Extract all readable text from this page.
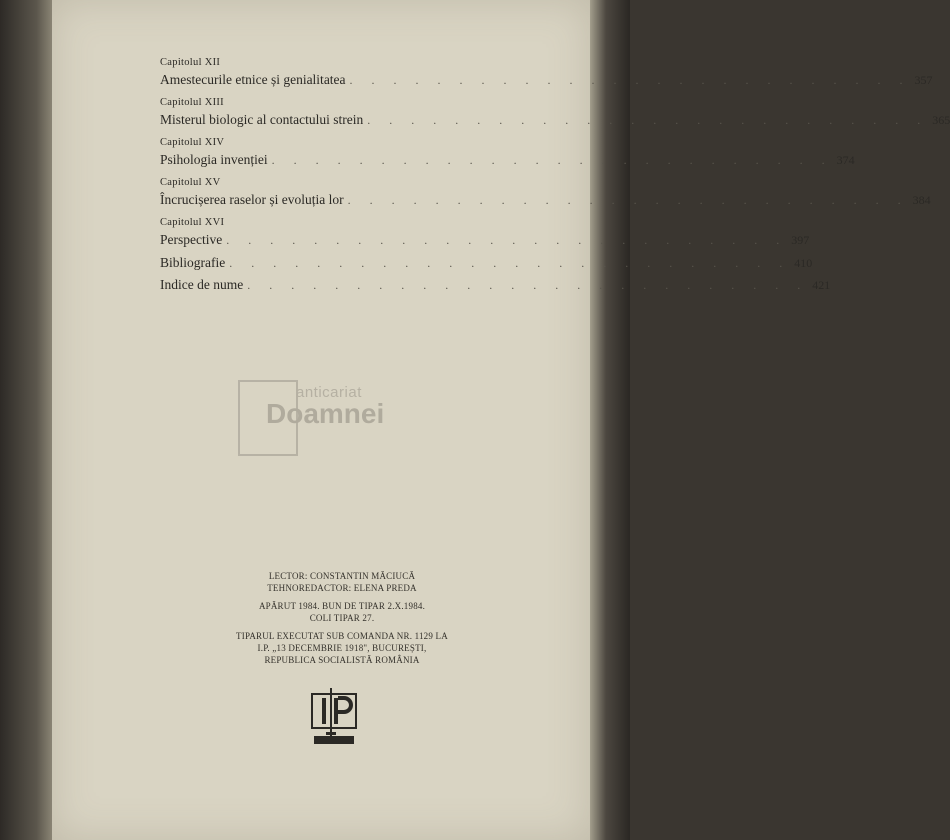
Capitolul XII
Amestecurile etnice și genialitatea . . . . . . . . . . . . . . . . . . . . . . . . . . 357
Capitolul XIII
Misterul biologic al contactului strein . . . . . . . . . . . . . . . . . . . . . . . . . . 365
Capitolul XIV
Psihologia invenției . . . . . . . . . . . . . . . . . . . . . . . . . . 374
Capitolul XV
Încrucișerea raselor și evoluția lor . . . . . . . . . . . . . . . . . . . . . . . . . . 384
Capitolul XVI
Perspective . . . . . . . . . . . . . . . . . . . . . . . . . . 397
Bibliografie . . . . . . . . . . . . . . . . . . . . . . . . . . 410
Indice de nume . . . . . . . . . . . . . . . . . . . . . . . . . . 421
anticariat
Doamnei
LECTOR: CONSTANTIN MĂCIUCĂ
TEHNOREDACTOR: ELENA PREDA
APĂRUT 1984. BUN DE TIPAR 2.X.1984.
COLI TIPAR 27.
TIPARUL EXECUTAT SUB COMANDA NR. 1129 LA
I.P. „13 DECEMBRIE 1918", BUCUREȘTI,
REPUBLICA SOCIALISTĂ ROMÂNIA
